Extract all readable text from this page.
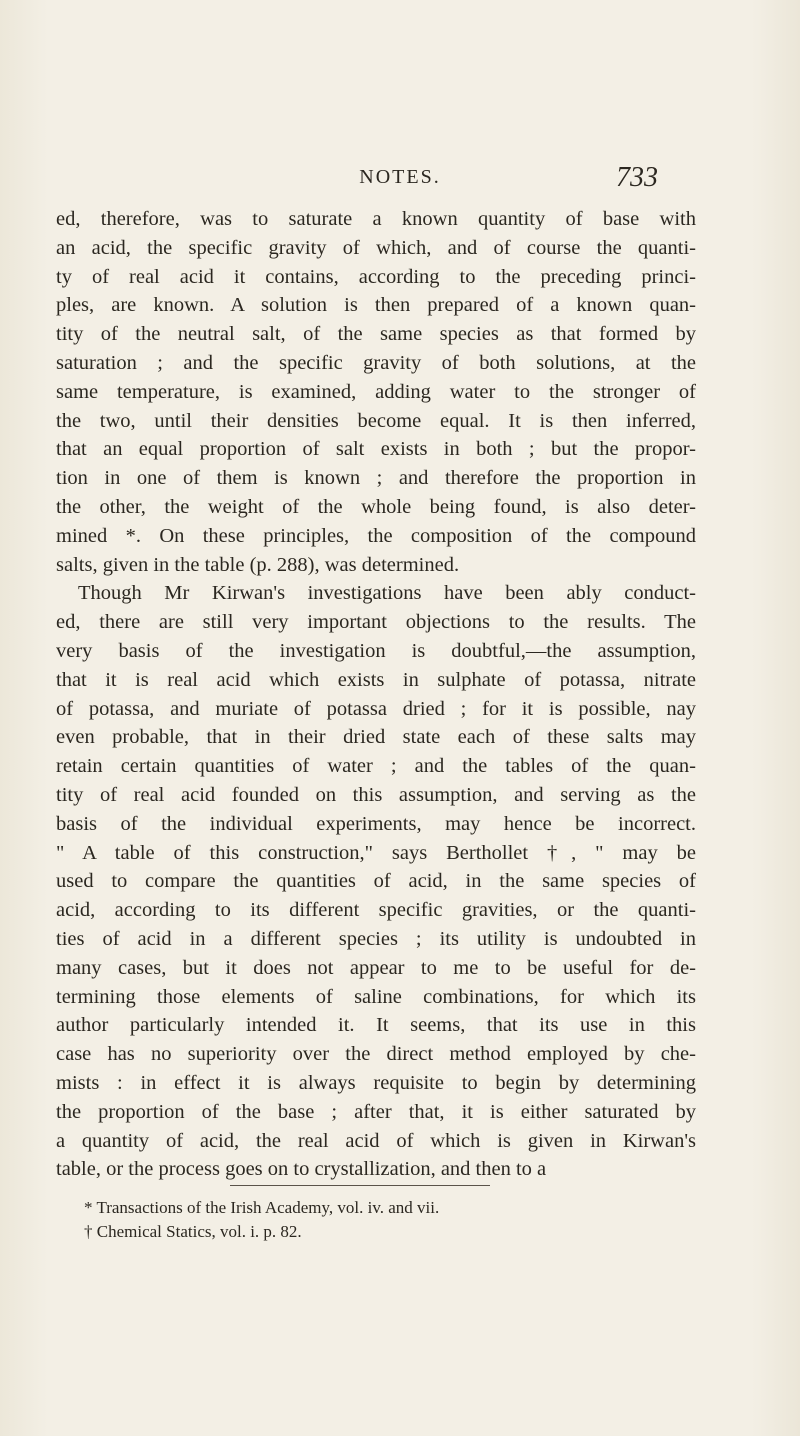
NOTES.	733
ed, therefore, was to saturate a known quantity of base with
an acid, the specific gravity of which, and of course the quanti-
ty of real acid it contains, according to the preceding princi-
ples, are known. A solution is then prepared of a known quan-
tity of the neutral salt, of the same species as that formed by
saturation ; and the specific gravity of both solutions, at the
same temperature, is examined, adding water to the stronger of
the two, until their densities become equal. It is then inferred,
that an equal proportion of salt exists in both ; but the propor-
tion in one of them is known ; and therefore the proportion in
the other, the weight of the whole being found, is also deter-
mined *. On these principles, the composition of the compound
salts, given in the table (p. 288), was determined.
Though Mr Kirwan's investigations have been ably conduct-
ed, there are still very important objections to the results. The
very basis of the investigation is doubtful,—the assumption,
that it is real acid which exists in sulphate of potassa, nitrate
of potassa, and muriate of potassa dried ; for it is possible, nay
even probable, that in their dried state each of these salts may
retain certain quantities of water ; and the tables of the quan-
tity of real acid founded on this assumption, and serving as the
basis of the individual experiments, may hence be incorrect.
" A table of this construction," says Berthollet †, " may be
used to compare the quantities of acid, in the same species of
acid, according to its different specific gravities, or the quanti-
ties of acid in a different species ; its utility is undoubted in
many cases, but it does not appear to me to be useful for de-
termining those elements of saline combinations, for which its
author particularly intended it. It seems, that its use in this
case has no superiority over the direct method employed by che-
mists : in effect it is always requisite to begin by determining
the proportion of the base ; after that, it is either saturated by
a quantity of acid, the real acid of which is given in Kirwan's
table, or the process goes on to crystallization, and then to a
* Transactions of the Irish Academy, vol. iv. and vii.
† Chemical Statics, vol. i. p. 82.
